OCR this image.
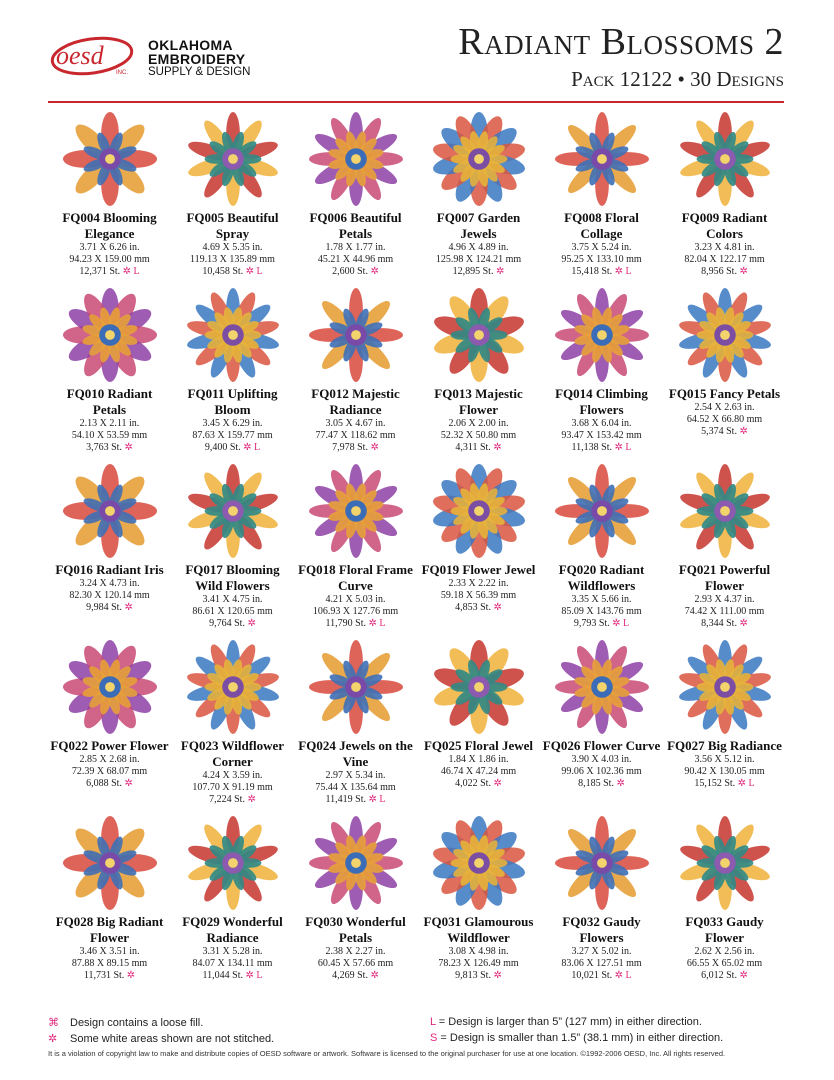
oesd
INC.
OKLAHOMA
EMBROIDERY
SUPPLY & DESIGN
Radiant Blossoms 2
Pack 12122 • 30 Designs
FQ004 Blooming Elegance
3.71 X 6.26 in.
94.23 X 159.00 mm
12,371 St. ✲ L
FQ005 Beautiful Spray
4.69 X 5.35 in.
119.13 X 135.89 mm
10,458 St. ✲ L
FQ006 Beautiful Petals
1.78 X 1.77 in.
45.21 X 44.96 mm
2,600 St. ✲
FQ007 Garden Jewels
4.96 X 4.89 in.
125.98 X 124.21 mm
12,895 St. ✲
FQ008 Floral Collage
3.75 X 5.24 in.
95.25 X 133.10 mm
15,418 St. ✲ L
FQ009 Radiant Colors
3.23 X 4.81 in.
82.04 X 122.17 mm
8,956 St. ✲
FQ010 Radiant Petals
2.13 X 2.11 in.
54.10 X 53.59 mm
3,763 St. ✲
FQ011 Uplifting Bloom
3.45 X 6.29 in.
87.63 X 159.77 mm
9,400 St. ✲ L
FQ012 Majestic Radiance
3.05 X 4.67 in.
77.47 X 118.62 mm
7,978 St. ✲
FQ013 Majestic Flower
2.06 X 2.00 in.
52.32 X 50.80 mm
4,311 St. ✲
FQ014 Climbing Flowers
3.68 X 6.04 in.
93.47 X 153.42 mm
11,138 St. ✲ L
FQ015 Fancy Petals
2.54 X 2.63 in.
64.52 X 66.80 mm
5,374 St. ✲
FQ016 Radiant Iris
3.24 X 4.73 in.
82.30 X 120.14 mm
9,984 St. ✲
FQ017 Blooming Wild Flowers
3.41 X 4.75 in.
86.61 X 120.65 mm
9,764 St. ✲
FQ018 Floral Frame Curve
4.21 X 5.03 in.
106.93 X 127.76 mm
11,790 St. ✲ L
FQ019 Flower Jewel
2.33 X 2.22 in.
59.18 X 56.39 mm
4,853 St. ✲
FQ020 Radiant Wildflowers
3.35 X 5.66 in.
85.09 X 143.76 mm
9,793 St. ✲ L
FQ021 Powerful Flower
2.93 X 4.37 in.
74.42 X 111.00 mm
8,344 St. ✲
FQ022 Power Flower
2.85 X 2.68 in.
72.39 X 68.07 mm
6,088 St. ✲
FQ023 Wildflower Corner
4.24 X 3.59 in.
107.70 X 91.19 mm
7,224 St. ✲
FQ024 Jewels on the Vine
2.97 X 5.34 in.
75.44 X 135.64 mm
11,419 St. ✲ L
FQ025 Floral Jewel
1.84 X 1.86 in.
46.74 X 47.24 mm
4,022 St. ✲
FQ026 Flower Curve
3.90 X 4.03 in.
99.06 X 102.36 mm
8,185 St. ✲
FQ027 Big Radiance
3.56 X 5.12 in.
90.42 X 130.05 mm
15,152 St. ✲ L
FQ028 Big Radiant Flower
3.46 X 3.51 in.
87.88 X 89.15 mm
11,731 St. ✲
FQ029 Wonderful Radiance
3.31 X 5.28 in.
84.07 X 134.11 mm
11,044 St. ✲ L
FQ030 Wonderful Petals
2.38 X 2.27 in.
60.45 X 57.66 mm
4,269 St. ✲
FQ031 Glamourous Wildflower
3.08 X 4.98 in.
78.23 X 126.49 mm
9,813 St. ✲
FQ032 Gaudy Flowers
3.27 X 5.02 in.
83.06 X 127.51 mm
10,021 St. ✲ L
FQ033 Gaudy Flower
2.62 X 2.56 in.
66.55 X 65.02 mm
6,012 St. ✲
⌘ Design contains a loose fill.
✲ Some white areas shown are not stitched.
L = Design is larger than 5” (127 mm) in either direction.
S = Design is smaller than 1.5” (38.1 mm) in either direction.
It is a violation of copyright law to make and distribute copies of OESD software or artwork. Software is licensed to the original purchaser for use at one location. ©1992-2006 OESD, Inc. All rights reserved.
